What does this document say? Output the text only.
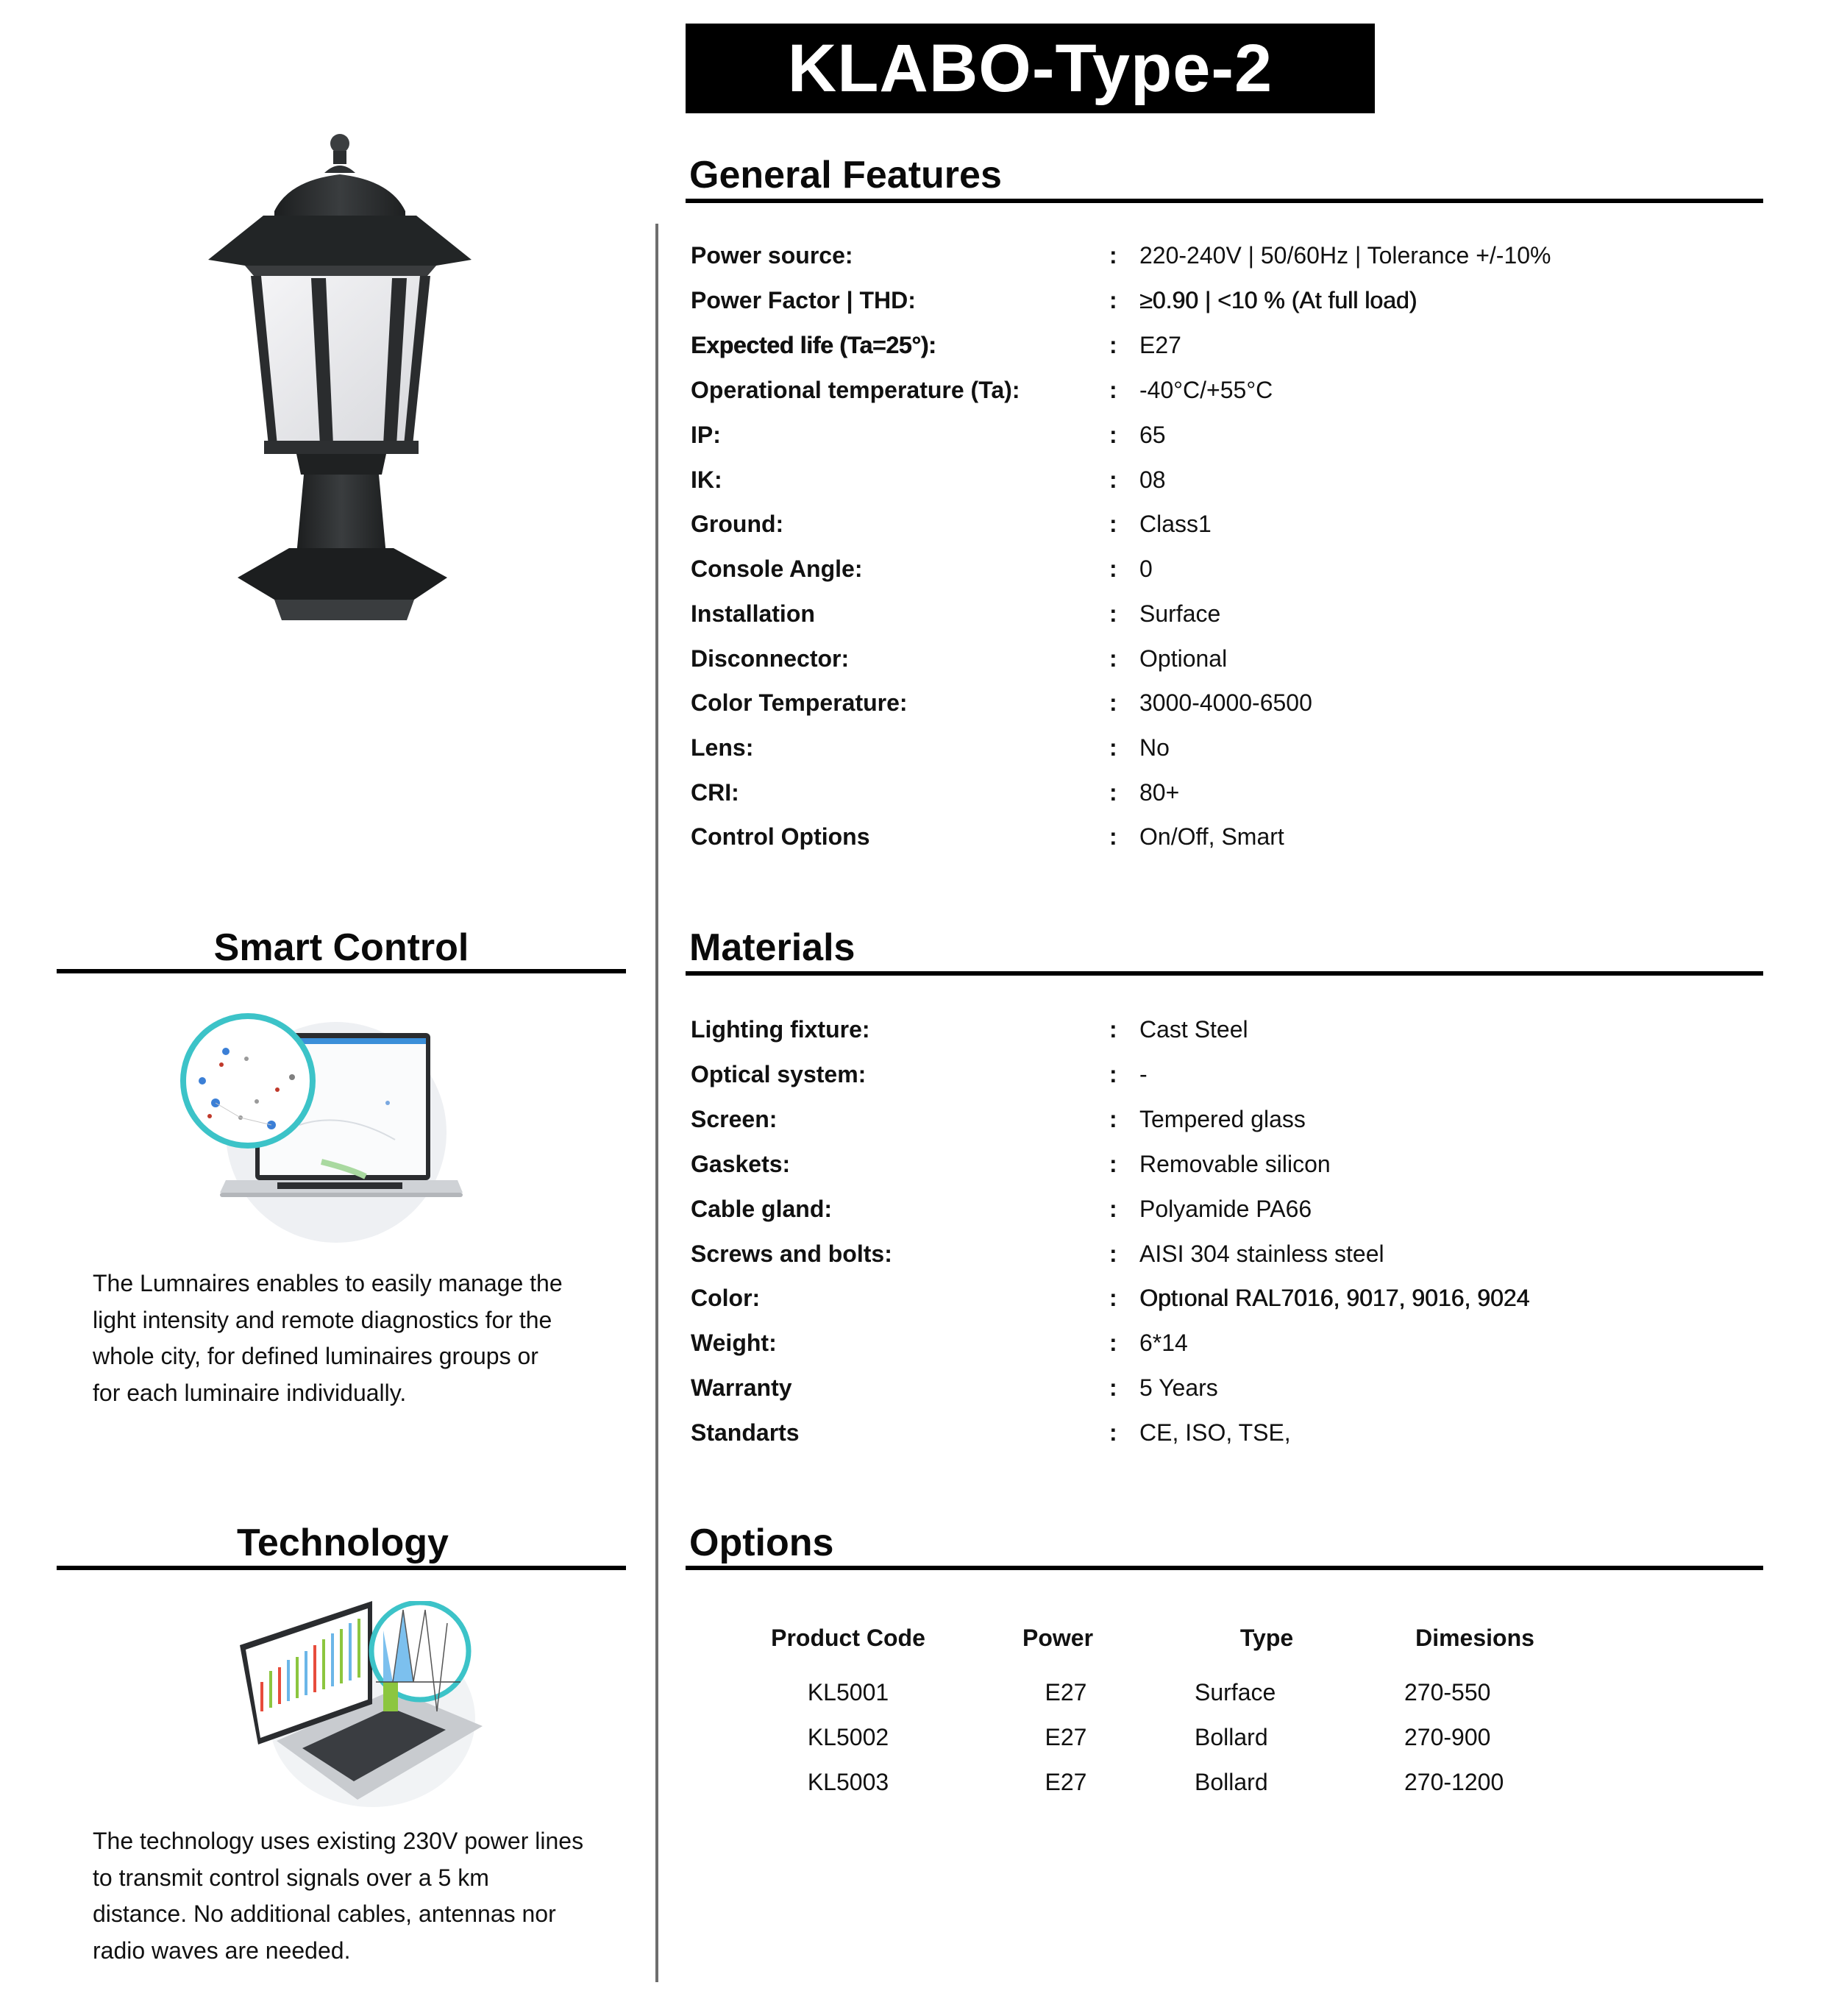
KLABO-Type-2
General Features
Power source:	: 220-240V | 50/60Hz | Tolerance +/-10%
Power Factor | THD:	: ≥0.90 | <10 % (At full load)
Expected life (Ta=25°):	: E27
Operational temperature (Ta):	: -40°C/+55°C
IP:	: 65
IK:	: 08
Ground:	: Class1
Console Angle:	: 0
Installation	: Surface
Disconnector:	: Optional
Color Temperature:	: 3000-4000-6500
Lens:	: No
CRI:	: 80+
Control Options	: On/Off, Smart
Materials
Lighting fixture:	: Cast Steel
Optical system:	: -
Screen:	: Tempered glass
Gaskets:	: Removable silicon
Cable gland:	: Polyamide PA66
Screws and bolts:	: AISI 304 stainless steel
Color:	: Optıonal RAL7016, 9017, 9016, 9024
Weight:	: 6*14
Warranty	: 5 Years
Standarts	: CE, ISO, TSE,
Options
Product Code	Power	Type	Dimesions
KL5001	E27	Surface	270-550
KL5002	E27	Bollard	270-900
KL5003	E27	Bollard	270-1200
Smart Control
The Lumnaires enables to easily manage the
light intensity and remote diagnostics for the
whole city, for defined luminaires groups or
for each luminaire individually.
Technology
The technology uses existing 230V power lines
to transmit control signals over a 5 km
distance. No additional cables, antennas nor
radio waves are needed.
